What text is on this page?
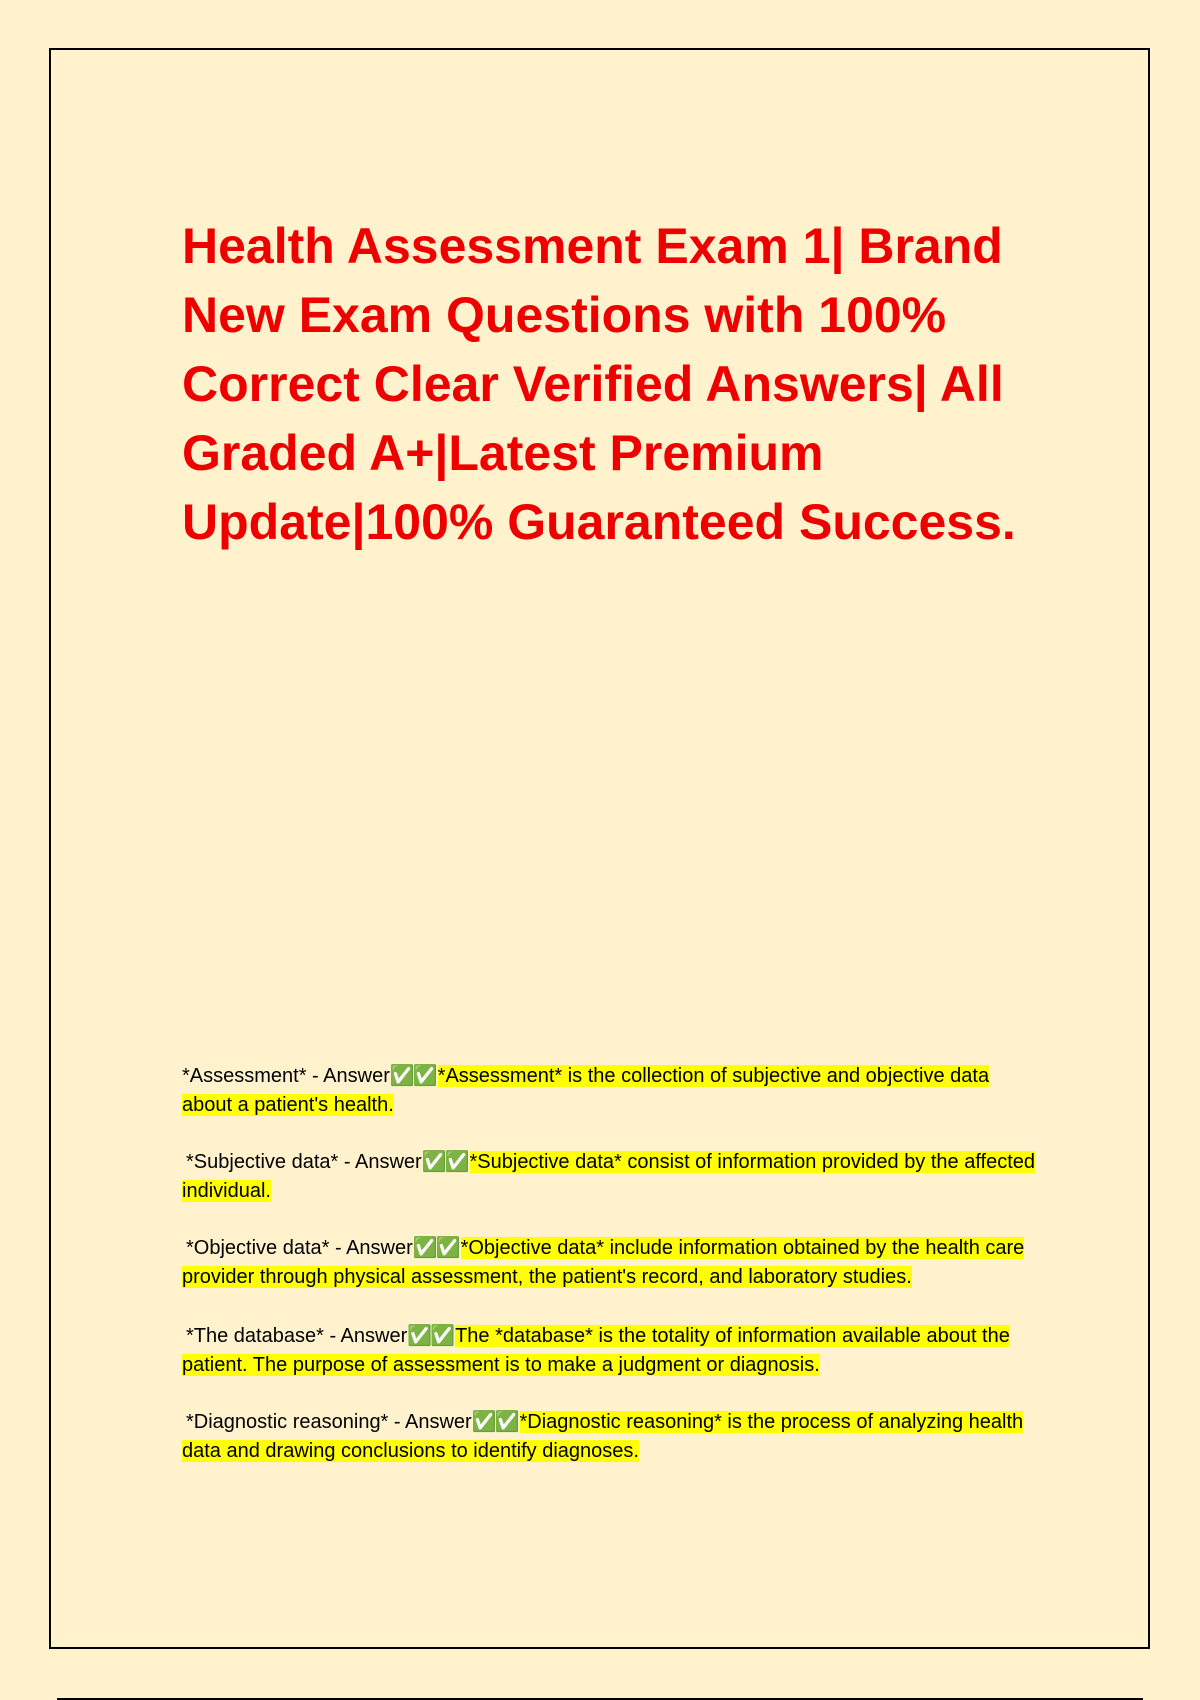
Health Assessment Exam 1| Brand New Exam Questions with 100% Correct Clear Verified Answers| All Graded A+|Latest Premium Update|100% Guaranteed Success.
*Assessment* - Answer✅✅ *Assessment* is the collection of subjective and objective data about a patient's health.
*Subjective data* - Answer✅✅ *Subjective data* consist of information provided by the affected individual.
*Objective data* - Answer✅✅ *Objective data* include information obtained by the health care provider through physical assessment, the patient's record, and laboratory studies.
*The database* - Answer✅✅ The *database* is the totality of information available about the patient. The purpose of assessment is to make a judgment or diagnosis.
*Diagnostic reasoning* - Answer✅✅ *Diagnostic reasoning* is the process of analyzing health data and drawing conclusions to identify diagnoses.
